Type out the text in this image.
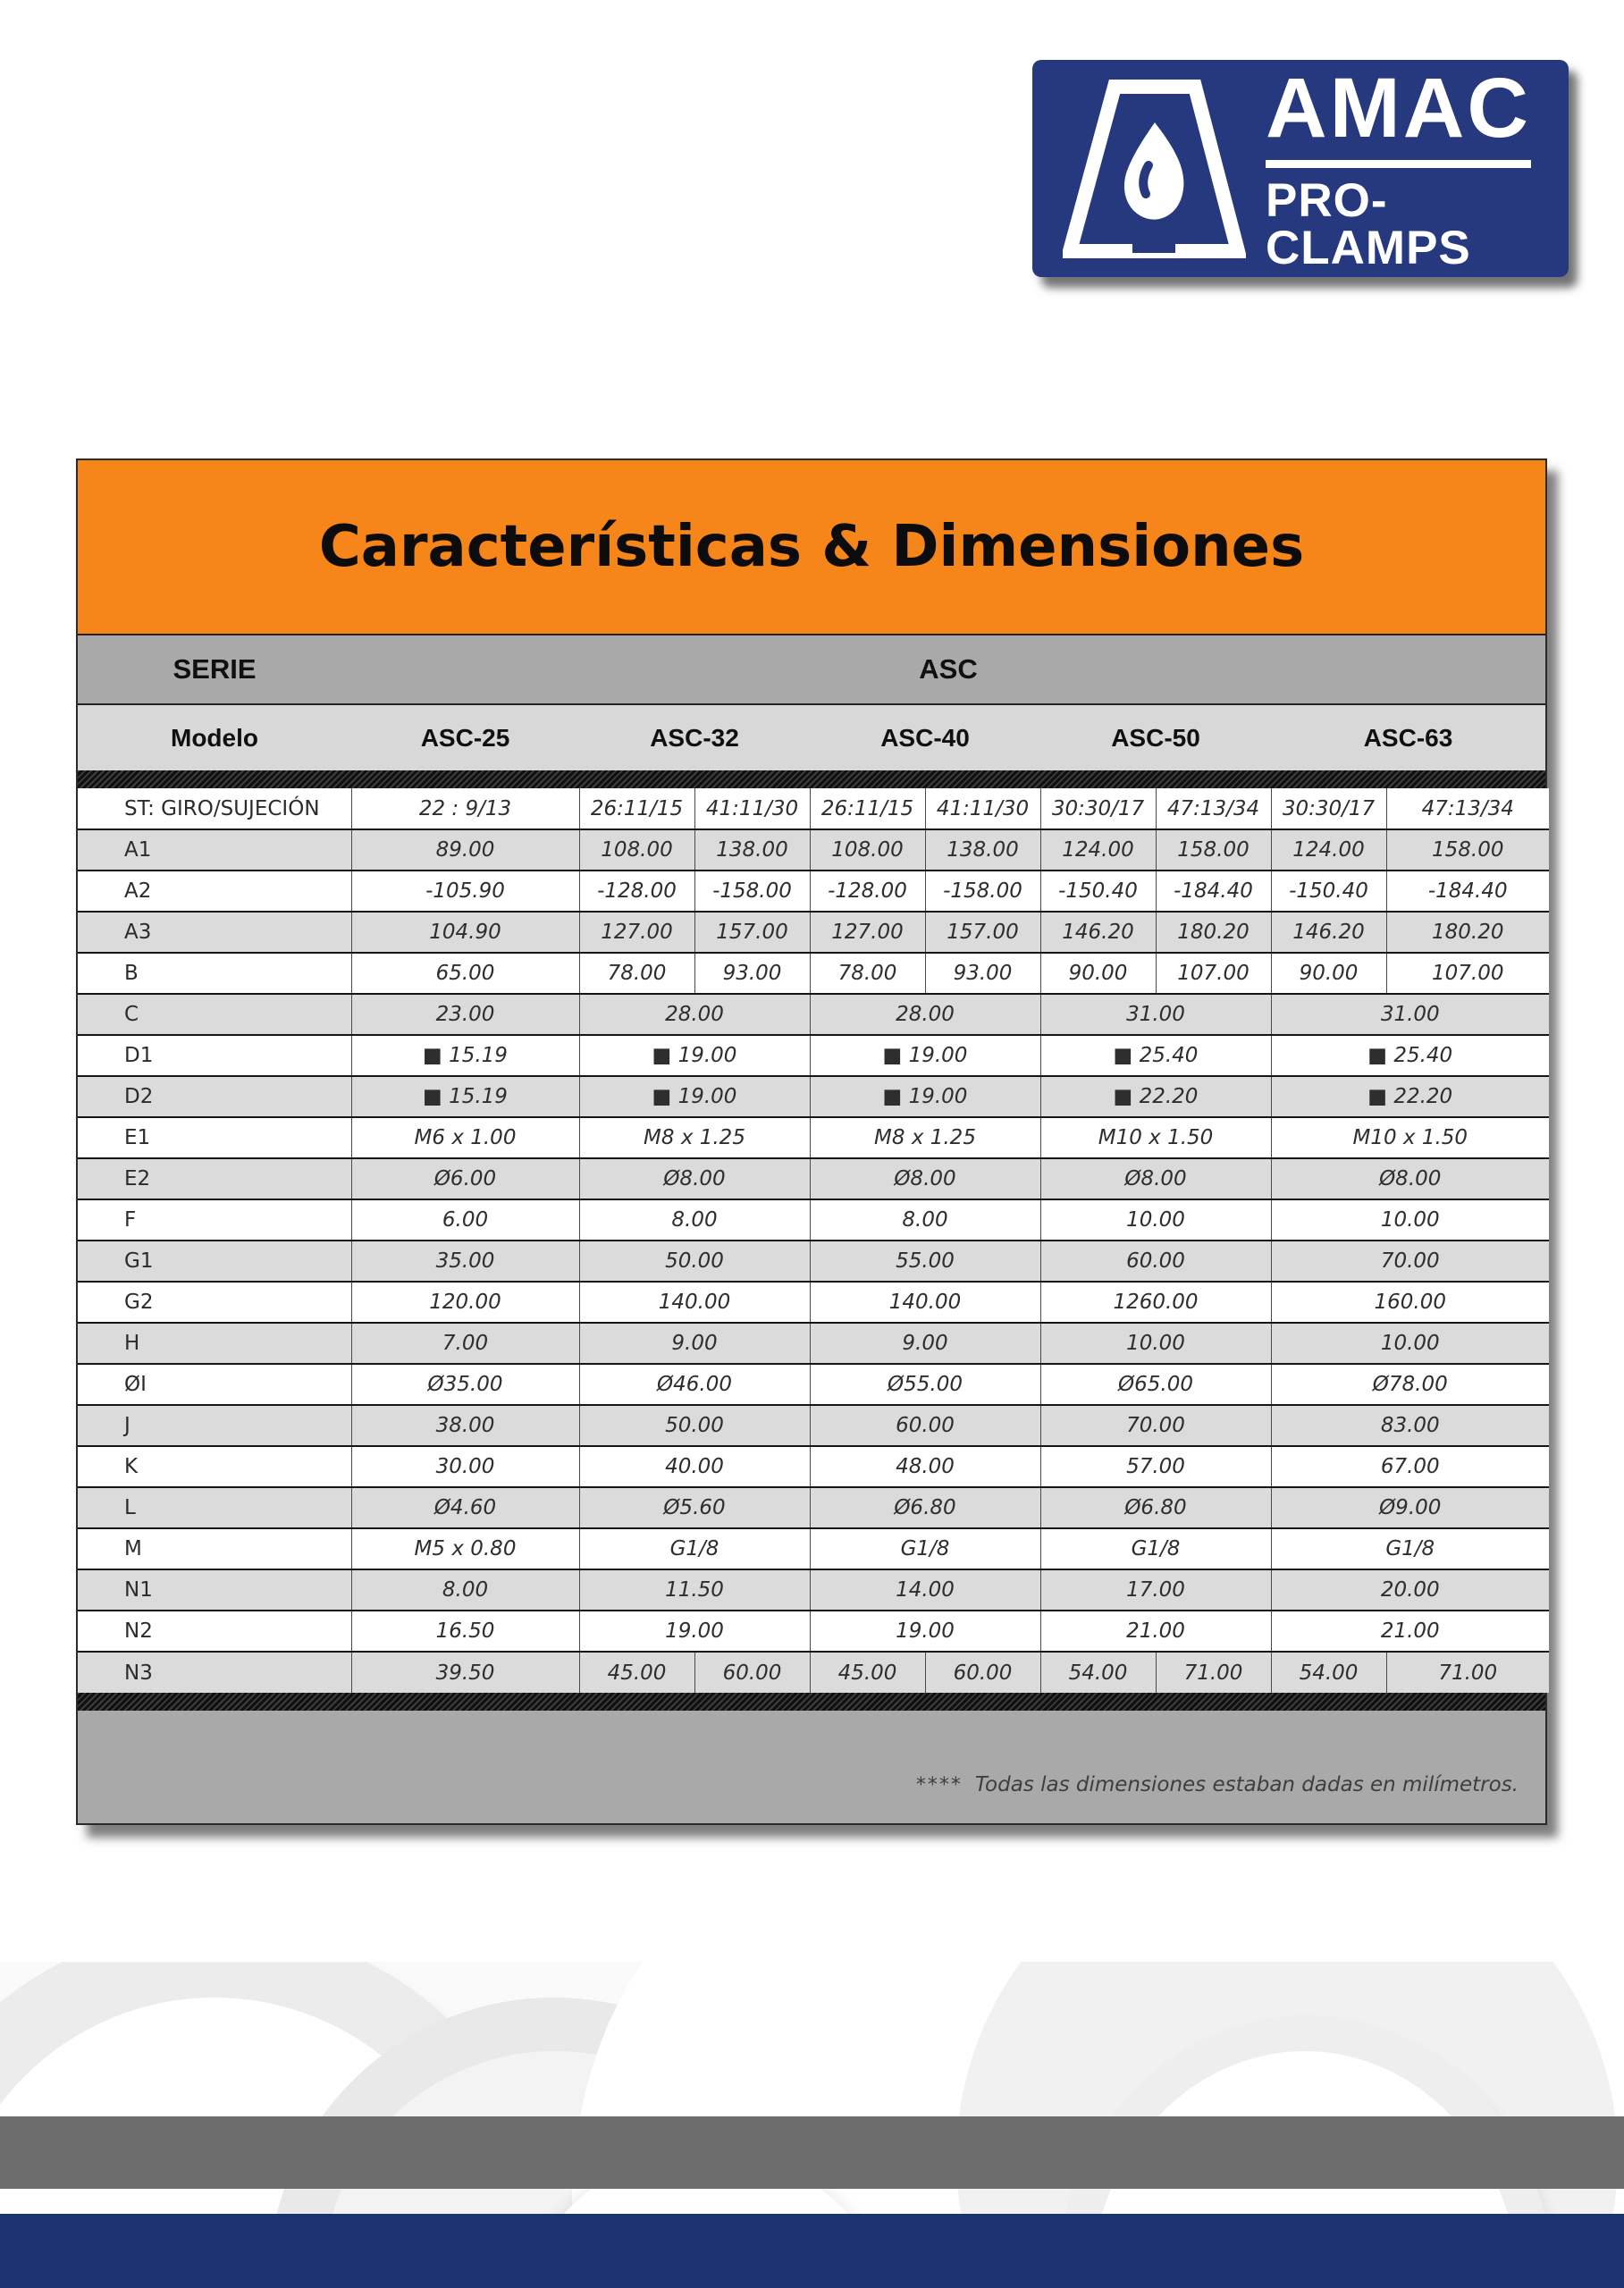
AMAC
PRO-CLAMPS
Características & Dimensiones
SERIE	ASC
Modelo	ASC-25	ASC-32	ASC-40	ASC-50	ASC-63
ST: GIRO/SUJECIÓN	22 : 9/13	26:11/15	41:11/30	26:11/15	41:11/30	30:30/17	47:13/34	30:30/17	47:13/34
A1	89.00	108.00	138.00	108.00	138.00	124.00	158.00	124.00	158.00
A2	-105.90	-128.00	-158.00	-128.00	-158.00	-150.40	-184.40	-150.40	-184.40
A3	104.90	127.00	157.00	127.00	157.00	146.20	180.20	146.20	180.20
B	65.00	78.00	93.00	78.00	93.00	90.00	107.00	90.00	107.00
C	23.00	28.00		28.00		31.00		31.00	
D1	■ 15.19	■ 19.00		■ 19.00		■ 25.40		■ 25.40	
D2	■ 15.19	■ 19.00		■ 19.00		■ 22.20		■ 22.20	
E1	M6 x 1.00	M8 x 1.25		M8 x 1.25		M10 x 1.50		M10 x 1.50	
E2	Ø6.00	Ø8.00		Ø8.00		Ø8.00		Ø8.00	
F	6.00	8.00		8.00		10.00		10.00	
G1	35.00	50.00		55.00		60.00		70.00	
G2	120.00	140.00		140.00		1260.00		160.00	
H	7.00	9.00		9.00		10.00		10.00	
ØI	Ø35.00	Ø46.00		Ø55.00		Ø65.00		Ø78.00	
J	38.00	50.00		60.00		70.00		83.00	
K	30.00	40.00		48.00		57.00		67.00	
L	Ø4.60	Ø5.60		Ø6.80		Ø6.80		Ø9.00	
M	M5 x 0.80	G1/8		G1/8		G1/8		G1/8	
N1	8.00	11.50		14.00		17.00		20.00	
N2	16.50	19.00		19.00		21.00		21.00	
N3	39.50	45.00	60.00	45.00	60.00	54.00	71.00	54.00	71.00
**** Todas las dimensiones estaban dadas en milímetros.
